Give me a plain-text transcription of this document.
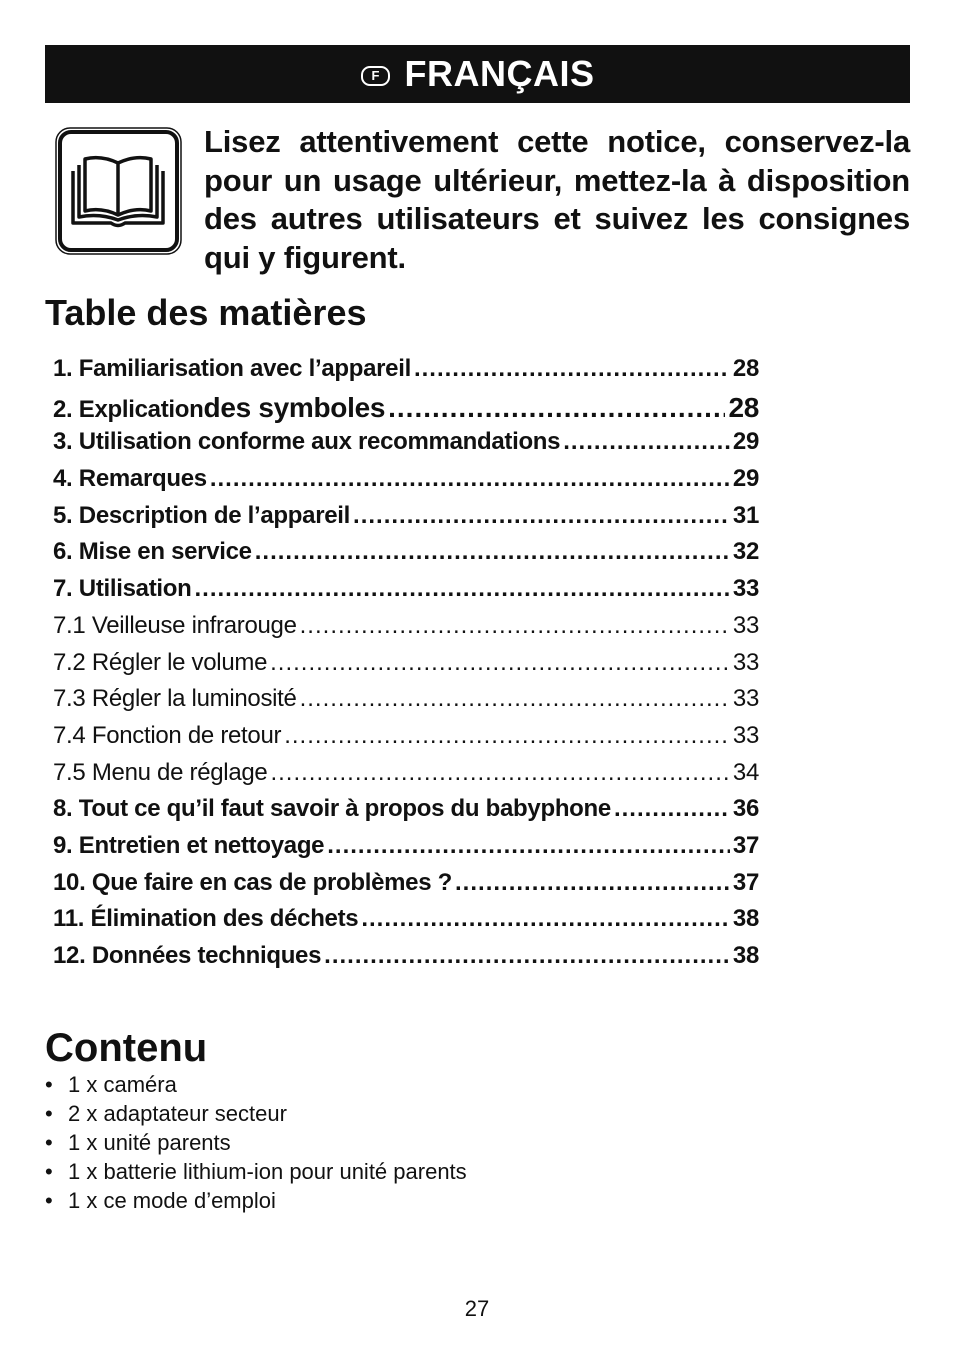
F FRANÇAIS

Lisez attentivement cette notice, conservez-la pour un usage ultérieur, mettez-la à disposition des autres utilisateurs et suivez les consignes qui y figurent.

Table des matières
1. Familiarisation avec l’appareil .....	28
2. Explication des symboles .....	28
3. Utilisation conforme aux recommandations .....	29
4. Remarques .....	29
5. Description de l’appareil .....	31
6. Mise en service .....	32
7. Utilisation .....	33
7.1 Veilleuse infrarouge .....	33
7.2 Régler le volume .....	33
7.3 Régler la luminosité .....	33
7.4 Fonction de retour .....	33
7.5 Menu de réglage .....	34
8. Tout ce qu’il faut savoir à propos du babyphone .....	36
9. Entretien et nettoyage .....	37
10. Que faire en cas de problèmes ? .....	37
11. Élimination des déchets .....	38
12. Données techniques .....	38
Contenu
• 1 x caméra
• 2 x adaptateur secteur
• 1 x unité parents
• 1 x batterie lithium-ion pour unité parents
• 1 x ce mode d’emploi
27
